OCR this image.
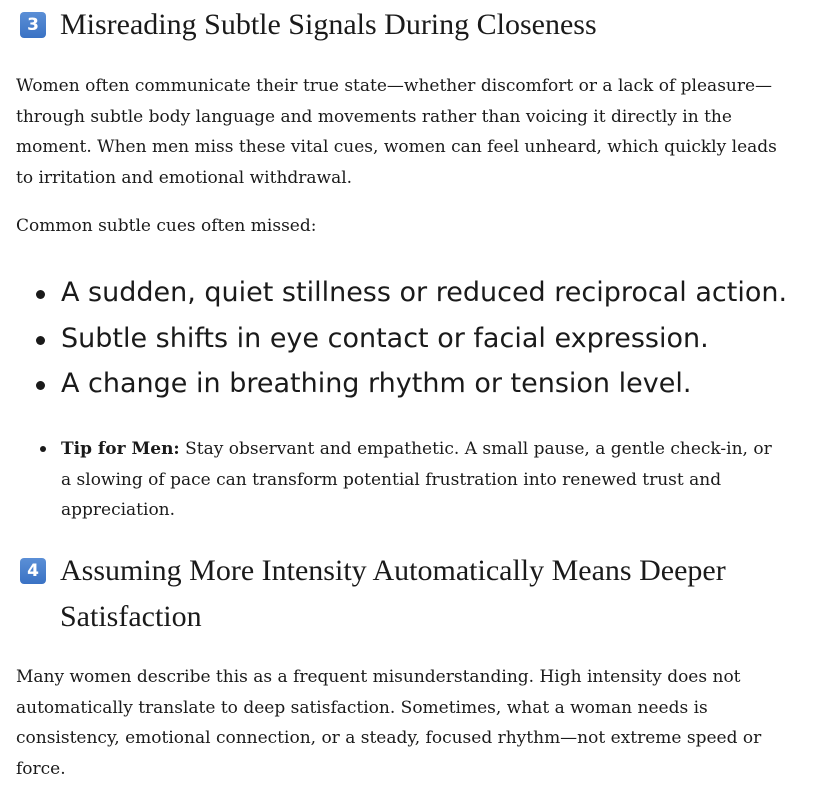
3 Misreading Subtle Signals During Closeness

Women often communicate their true state—whether discomfort or a lack of pleasure—through subtle body language and movements rather than voicing it directly in the moment. When men miss these vital cues, women can feel unheard, which quickly leads to irritation and emotional withdrawal.

Common subtle cues often missed:

A sudden, quiet stillness or reduced reciprocal action.
Subtle shifts in eye contact or facial expression.
A change in breathing rhythm or tension level.
Tip for Men: Stay observant and empathetic. A small pause, a gentle check-in, or a slowing of pace can transform potential frustration into renewed trust and appreciation.
4 Assuming More Intensity Automatically Means Deeper Satisfaction

Many women describe this as a frequent misunderstanding. High intensity does not automatically translate to deep satisfaction. Sometimes, what a woman needs is consistency, emotional connection, or a steady, focused rhythm—not extreme speed or force.
